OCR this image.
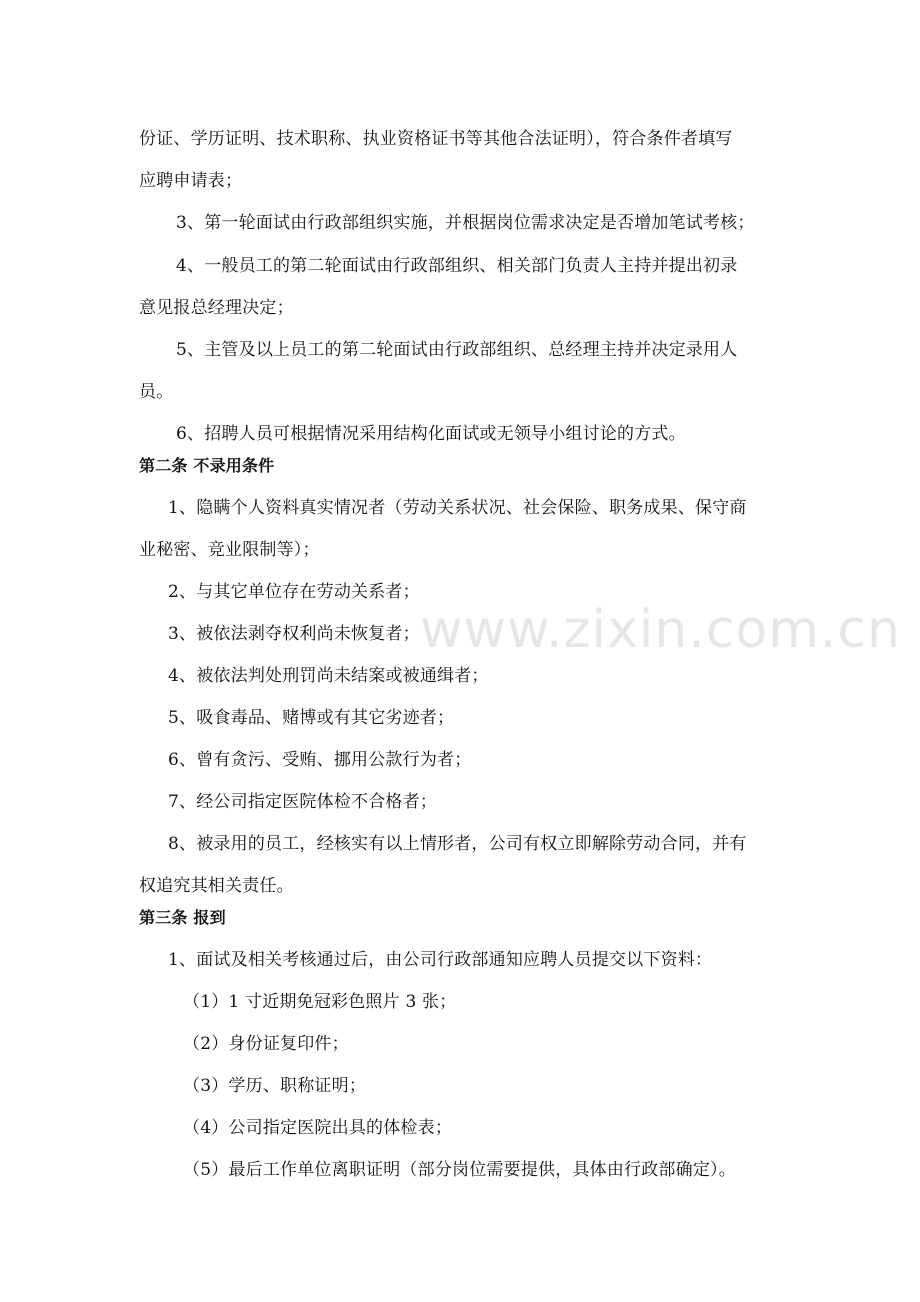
www.zixin.com.cn
份证、学历证明、技术职称、执业资格证书等其他合法证明），符合条件者填写
应聘申请表；
3、第一轮面试由行政部组织实施，并根据岗位需求决定是否增加笔试考核；
4、一般员工的第二轮面试由行政部组织、相关部门负责人主持并提出初录
意见报总经理决定；
5、主管及以上员工的第二轮面试由行政部组织、总经理主持并决定录用人
员。
6、招聘人员可根据情况采用结构化面试或无领导小组讨论的方式。
第二条 不录用条件
1、隐瞒个人资料真实情况者（劳动关系状况、社会保险、职务成果、保守商
业秘密、竞业限制等）；
2、与其它单位存在劳动关系者；
3、被依法剥夺权利尚未恢复者；
4、被依法判处刑罚尚未结案或被通缉者；
5、吸食毒品、赌博或有其它劣迹者；
6、曾有贪污、受贿、挪用公款行为者；
7、经公司指定医院体检不合格者；
8、被录用的员工，经核实有以上情形者，公司有权立即解除劳动合同，并有
权追究其相关责任。
第三条 报到
1、面试及相关考核通过后，由公司行政部通知应聘人员提交以下资料：
（1）1 寸近期免冠彩色照片 3 张；
（2）身份证复印件；
（3）学历、职称证明；
（4）公司指定医院出具的体检表；
（5）最后工作单位离职证明（部分岗位需要提供，具体由行政部确定）。
